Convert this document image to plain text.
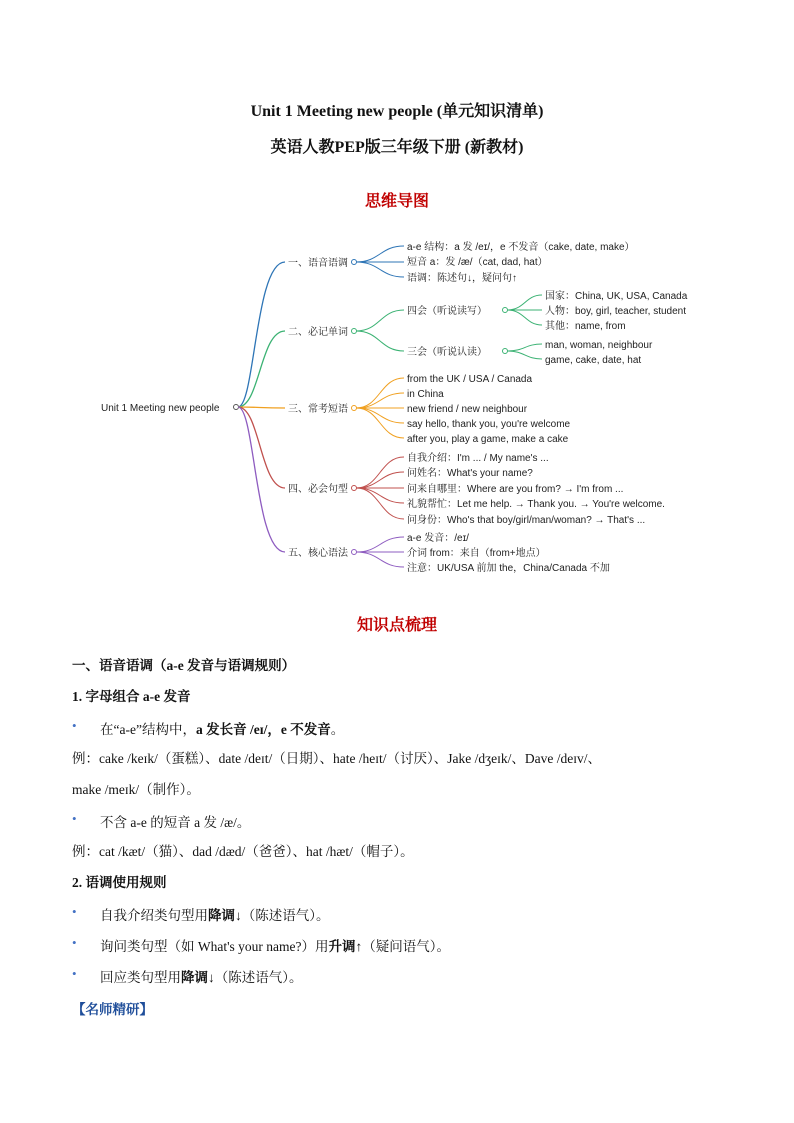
Unit 1 Meeting new people (单元知识清单)
英语人教PEP版三年级下册 (新教材)
思维导图
Unit 1 Meeting new people
一、语音语调
a-e 结构：a 发 /eɪ/，e 不发音（cake, date, make）
短音 a：发 /æ/（cat, dad, hat）
语调：陈述句↓，疑问句↑
二、必记单词
四会（听说读写）
国家：China, UK, USA, Canada
人物：boy, girl, teacher, student
其他：name, from
三会（听说认读）
man, woman, neighbour
game, cake, date, hat
三、常考短语
from the UK / USA / Canada
in China
new friend / new neighbour
say hello, thank you, you're welcome
after you, play a game, make a cake
四、必会句型
自我介绍：I'm ... / My name's ...
问姓名：What's your name?
问来自哪里：Where are you from? → I'm from ...
礼貌帮忙：Let me help. → Thank you. → You're welcome.
问身份：Who's that boy/girl/man/woman? → That's ...
五、核心语法
a-e 发音：/eɪ/
介词 from：来自（from+地点）
注意：UK/USA 前加 the，China/Canada 不加
知识点梳理
一、语音语调（a-e 发音与语调规则）
1. 字母组合 a-e 发音
• 在“a-e”结构中，a 发长音 /eɪ/，e 不发音。
例：cake /keɪk/（蛋糕）、date /deɪt/（日期）、hate /heɪt/（讨厌）、Jake /dʒeɪk/、Dave /deɪv/、
make /meɪk/（制作）。
• 不含 a-e 的短音 a 发 /æ/。
例：cat /kæt/（猫）、dad /dæd/（爸爸）、hat /hæt/（帽子）。
2. 语调使用规则
• 自我介绍类句型用降调↓（陈述语气）。
• 询问类句型（如 What's your name?）用升调↑（疑问语气）。
• 回应类句型用降调↓（陈述语气）。
【名师精研】
